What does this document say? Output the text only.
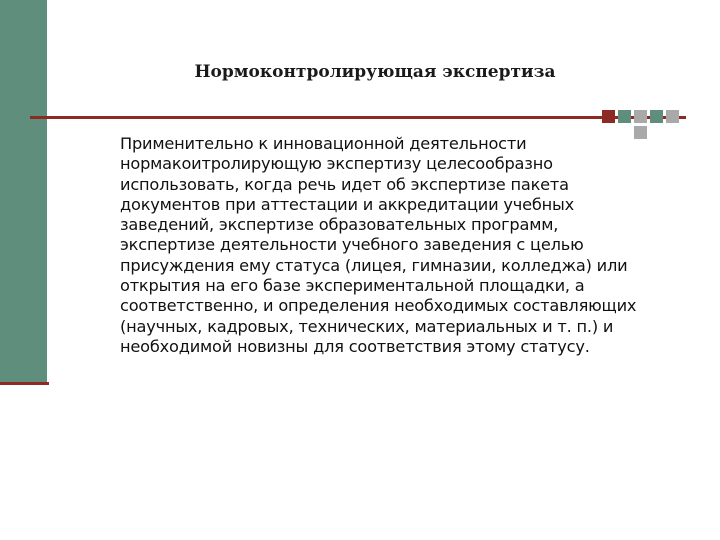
Нормоконтролирующая экспертиза

Применительно к инновационной деятельности
нормакоитролирующую экспертизу целесообразно
использовать, когда речь идет об экспертизе пакета
документов при аттестации и аккредитации учебных
заведений, экспертизе образовательных программ,
экспертизе деятельности учебного заведения с целью
присуждения ему статуса (лицея, гимназии, колледжа) или
открытия на его базе экспериментальной площадки, а
соответственно, и определения необходимых составляющих
(научных, кадровых, технических, материальных и т. п.) и
необходимой новизны для соответствия этому статусу.
